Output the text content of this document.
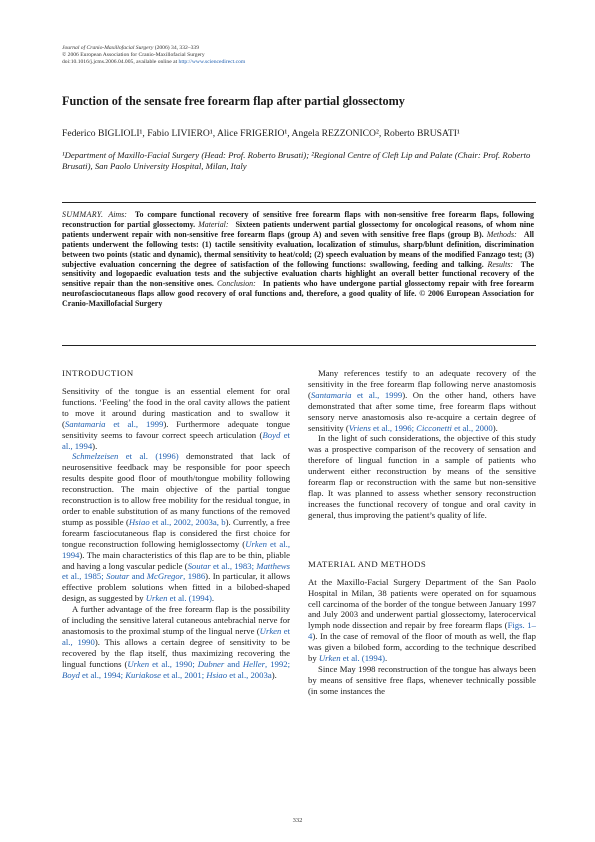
Journal of Cranio-Maxillofacial Surgery (2006) 34, 332–339
© 2006 European Association for Cranio-Maxillofacial Surgery
doi:10.1016/j.jcms.2006.04.005, available online at http://www.sciencedirect.com
Function of the sensate free forearm flap after partial glossectomy
Federico BIGLIOLI¹, Fabio LIVIERO¹, Alice FRIGERIO¹, Angela REZZONICO², Roberto BRUSATI¹
¹Department of Maxillo-Facial Surgery (Head: Prof. Roberto Brusati); ²Regional Centre of Cleft Lip and Palate (Chair: Prof. Roberto Brusati), San Paolo University Hospital, Milan, Italy
SUMMARY. Aims: To compare functional recovery of sensitive free forearm flaps with non-sensitive free forearm flaps, following reconstruction for partial glossectomy. Material: Sixteen patients underwent partial glossectomy for oncological reasons, of whom nine patients underwent repair with non-sensitive free forearm flaps (group A) and seven with sensitive free flaps (group B). Methods: All patients underwent the following tests: (1) tactile sensitivity evaluation, localization of stimulus, sharp/blunt definition, discrimination between two points (static and dynamic), thermal sensitivity to heat/cold; (2) speech evaluation by means of the modified Fanzago test; (3) subjective evaluation concerning the degree of satisfaction of the following functions: swallowing, feeding and talking. Results: The sensitivity and logopaedic evaluation tests and the subjective evaluation charts highlight an overall better functional recovery of the sensitive repair than the non-sensitive ones. Conclusion: In patients who have undergone partial glossectomy repair with free forearm neurofasciocutaneous flaps allow good recovery of oral functions and, therefore, a good quality of life. © 2006 European Association for Cranio-Maxillofacial Surgery
INTRODUCTION

Sensitivity of the tongue is an essential element for oral functions. ‘Feeling’ the food in the oral cavity allows the patient to move it around during mastication and to swallow it (Santamaria et al., 1999). Furthermore adequate tongue sensitivity seems to favour correct speech articulation (Boyd et al., 1994).

Schmelzeisen et al. (1996) demonstrated that lack of neurosensitive feedback may be responsible for poor speech results despite good floor of mouth/tongue mobility following reconstruction. The main objective of the partial tongue reconstruction is to allow free mobility for the residual tongue, in order to enable substitution of as many functions of the removed stump as possible (Hsiao et al., 2002, 2003a, b). Currently, a free forearm fasciocutaneous flap is considered the first choice for tongue reconstruction following hemiglossectomy (Urken et al., 1994). The main characteristics of this flap are to be thin, pliable and having a long vascular pedicle (Soutar et al., 1983; Matthews et al., 1985; Soutar and McGregor, 1986). In particular, it allows effective problem solutions when fitted in a bilobed-shaped design, as suggested by Urken et al. (1994).

A further advantage of the free forearm flap is the possibility of including the sensitive lateral cutaneous antebrachial nerve for anastomosis to the proximal stump of the lingual nerve (Urken et al., 1990). This allows a certain degree of sensitivity to be recovered by the flap itself, thus maximizing recovering the lingual functions (Urken et al., 1990; Dubner and Heller, 1992; Boyd et al., 1994; Kuriakose et al., 2001; Hsiao et al., 2003a).

Many references testify to an adequate recovery of the sensitivity in the free forearm flap following nerve anastomosis (Santamaria et al., 1999). On the other hand, others have demonstrated that after some time, free forearm flaps without sensory nerve anastomosis also re-acquire a certain degree of sensitivity (Vriens et al., 1996; Cicconetti et al., 2000).

In the light of such considerations, the objective of this study was a prospective comparison of the recovery of sensation and therefore of lingual function in a sample of patients who underwent either reconstruction by means of the sensitive forearm flap or reconstruction with the same but non-sensitive flap. It was planned to assess whether sensory reconstruction increases the functional recovery of tongue and oral cavity in general, thus improving the patient’s quality of life.

MATERIAL AND METHODS

At the Maxillo-Facial Surgery Department of the San Paolo Hospital in Milan, 38 patients were operated on for squamous cell carcinoma of the border of the tongue between January 1997 and July 2003 and underwent partial glossectomy, laterocervical lymph node dissection and repair by free forearm flaps (Figs. 1– 4). In the case of removal of the floor of mouth as well, the flap was given a bilobed form, according to the technique described by Urken et al. (1994).

Since May 1998 reconstruction of the tongue has always been by means of sensitive free flaps, whenever technically possible (in some instances the

332
